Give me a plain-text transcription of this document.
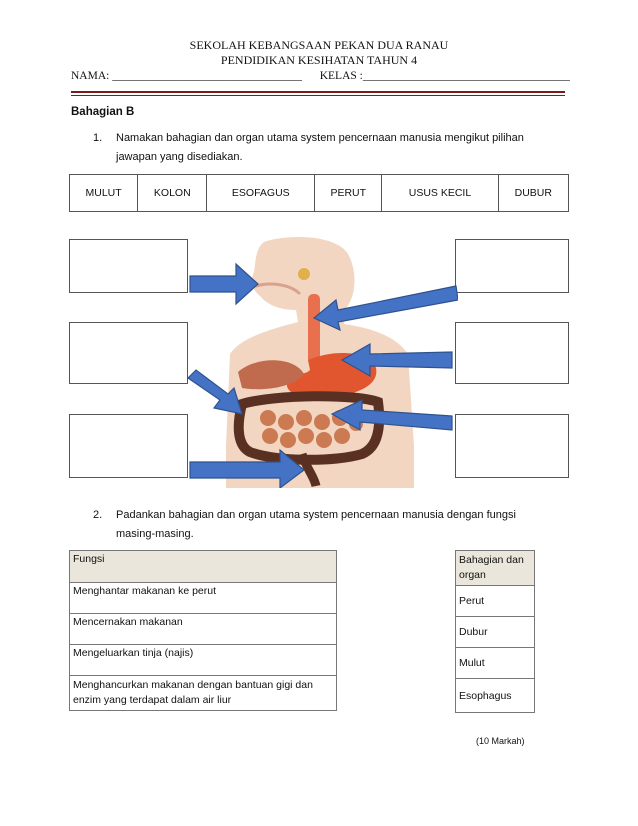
SEKOLAH KEBANGSAAN PEKAN DUA RANAU
PENDIDIKAN KESIHATAN TAHUN 4
NAMA: _________________________________ KELAS :____________________________________
Bahagian B
1. Namakan bahagian dan organ utama system pencernaan manusia mengikut pilihan jawapan yang disediakan.
MULUT	KOLON	ESOFAGUS	PERUT	USUS KECIL	DUBUR
2. Padankan bahagian dan organ utama system pencernaan manusia dengan fungsi masing-masing.
Fungsi
Menghantar makanan ke perut
Mencernakan makanan
Mengeluarkan tinja (najis)
Menghancurkan makanan dengan bantuan gigi dan enzim yang terdapat dalam air liur
Bahagian dan organ
Perut
Dubur
Mulut
Esophagus
(10 Markah)
